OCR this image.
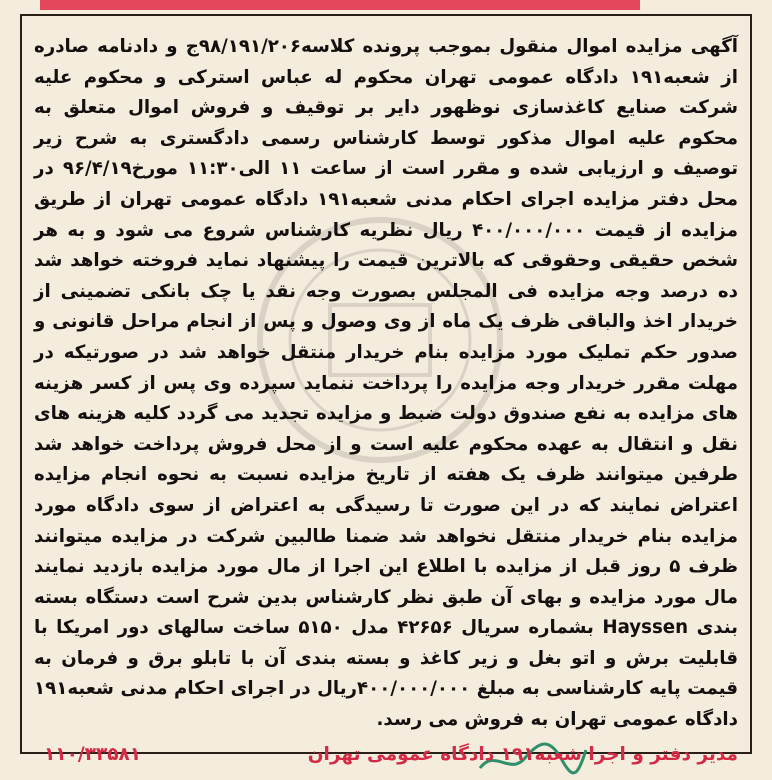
آگهی مزایده اموال منقول بموجب پرونده کلاسه۹۸/۱۹۱/۲۰۶ج و دادنامه صادره از شعبه۱۹۱ دادگاه عمومی تهران محکوم له عباس استرکی و محکوم علیه شرکت صنایع کاغذسازی نوظهور دایر بر توقیف و فروش اموال متعلق به محکوم علیه اموال مذکور توسط کارشناس رسمی دادگستری به شرح زیر توصیف و ارزیابی شده و مقرر است از ساعت ۱۱ الی۱۱:۳۰ مورخ۹۶/۴/۱۹ در محل دفتر مزایده اجرای احکام مدنی شعبه۱۹۱ دادگاه عمومی تهران از طریق مزایده از قیمت ۴۰۰/۰۰۰/۰۰۰ ریال نظریه کارشناس شروع می شود و به هر شخص حقیقی وحقوقی که بالاترین قیمت را پیشنهاد نماید فروخته خواهد شد ده درصد وجه مزایده فی المجلس بصورت وجه نقد یا چک بانکی تضمینی از خریدار اخذ والباقی ظرف یک ماه از وی وصول و پس از انجام مراحل قانونی و صدور حکم تملیک مورد مزایده بنام خریدار منتقل خواهد شد در صورتیکه در مهلت مقرر خریدار وجه مزایده را پرداخت ننماید سپرده وی پس از کسر هزینه های مزایده به نفع صندوق دولت ضبط و مزایده تجدید می گردد کلیه هزینه های نقل و انتقال به عهده محکوم علیه است و از محل فروش پرداخت خواهد شد طرفین میتوانند ظرف یک هفته از تاریخ مزایده نسبت به نحوه انجام مزایده اعتراض نمایند که در این صورت تا رسیدگی به اعتراض از سوی دادگاه مورد مزایده بنام خریدار منتقل نخواهد شد ضمنا طالبین شرکت در مزایده میتوانند ظرف ۵ روز قبل از مزایده با اطلاع این اجرا از مال مورد مزایده بازدید نمایند مال مورد مزایده و بهای آن طبق نظر کارشناس بدین شرح است دستگاه بسته بندی Hayssen بشماره سریال ۴۲۶۵۶ مدل ۵۱۵۰ ساخت سالهای دور امریکا با قابلیت برش و اتو بغل و زیر کاغذ و بسته بندی آن با تابلو برق و فرمان به قیمت پایه کارشناسی به مبلغ ۴۰۰/۰۰۰/۰۰۰ریال در اجرای احکام مدنی شعبه۱۹۱ دادگاه عمومی تهران به فروش می رسد.
مدیر دفتر و اجرا شعبه۱۹۱ دادگاه عمومی تهران
۱۱۰/۳۳۵۸۱
